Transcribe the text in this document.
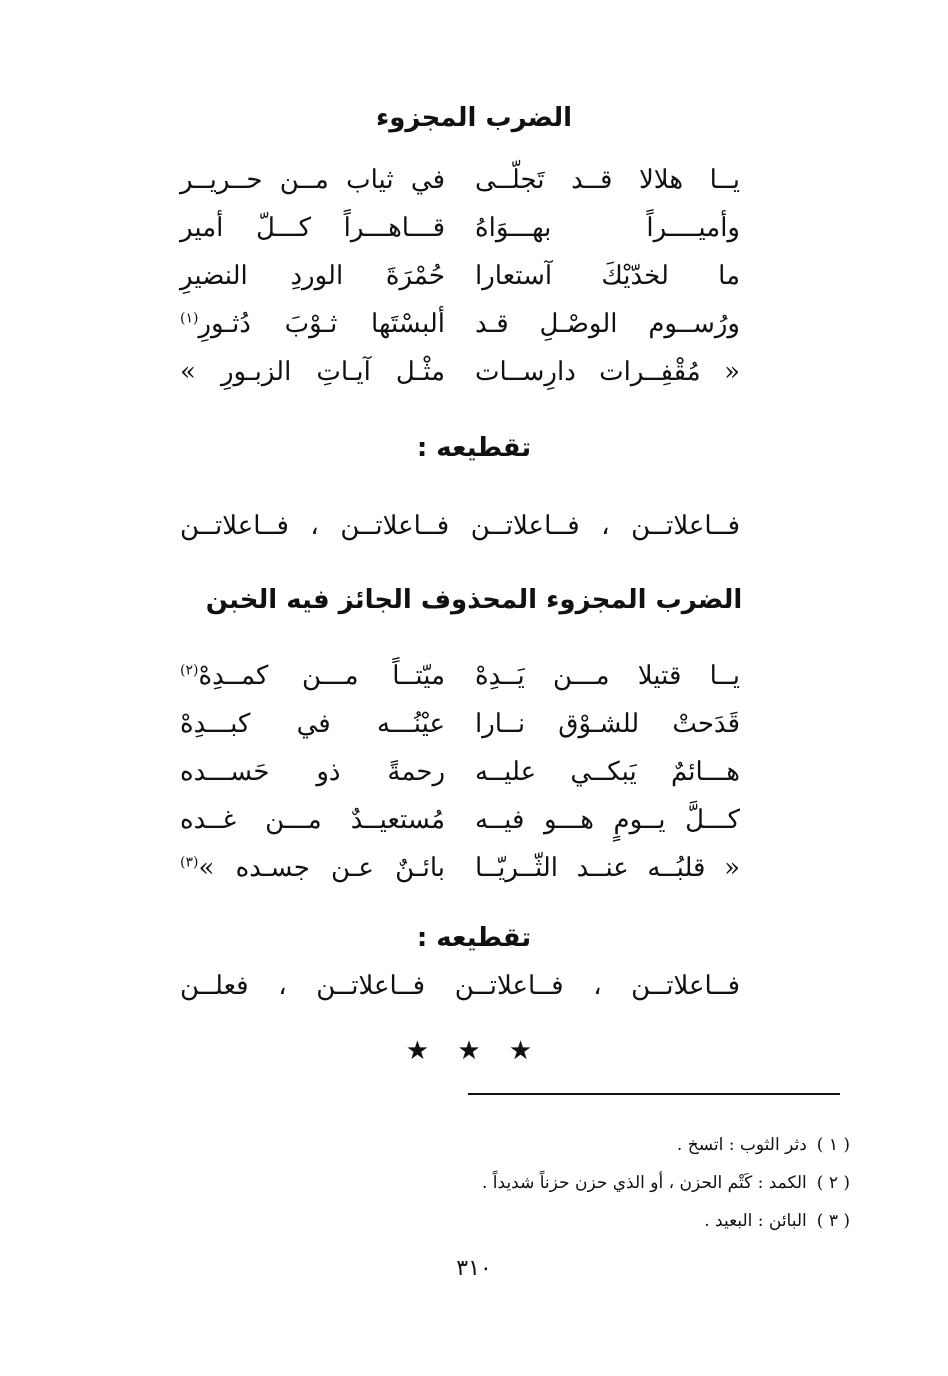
الضرب المجزوء
يــا هلالا قــد تَجلّــى
في ثياب مــن حــريــر
وأميــــراً بهـــوَاهُ
قـــاهـــراً كـــلّ أمير
ما لخدّيْكَ آستعارا
حُمْرَةَ الوردِ النضيرِ
ورُســوم الوصْـلِ قـد
ألبسْتَها ثـوْبَ دُثـورِ$^{(١)}$
« مُقْفِــرات دارِســات
مثْـل آيـاتِ الزبـورِ »
تقطيعه :
فــاعلاتــن ، فــاعلاتــن فــاعلاتــن ، فــاعلاتــن
الضرب المجزوء المحذوف الجائز فيه الخبن
يــا قتيلا مـــن يَــدِهْ
ميّتــاً مـــن كمــدِهْ$^{(٢)}$
قَدَحتْ للشـوْق نــارا
عيْنُـــه في كبـــدِهْ
هـــائمٌ يَبكــي عليــه
رحمةً ذو حَســـده
كـــلَّ يــومٍ هـــو فيــه
مُستعيــدٌ مـــن غــده
« قلبُــه عنــد الثّــريّــا
بائـنٌ عـن جسـده »$^{(٣)}$
تقطيعه :
فــاعلاتــن ، فــاعلاتــن فــاعلاتــن ، فعلــن
★ ★ ★
( ١ )دثر الثوب : اتسخ .
( ٢ )الكمد : كَتْم الحزن ، أو الذي حزن حزناً شديداً .
( ٣ )البائن : البعيد .
٣١٠
